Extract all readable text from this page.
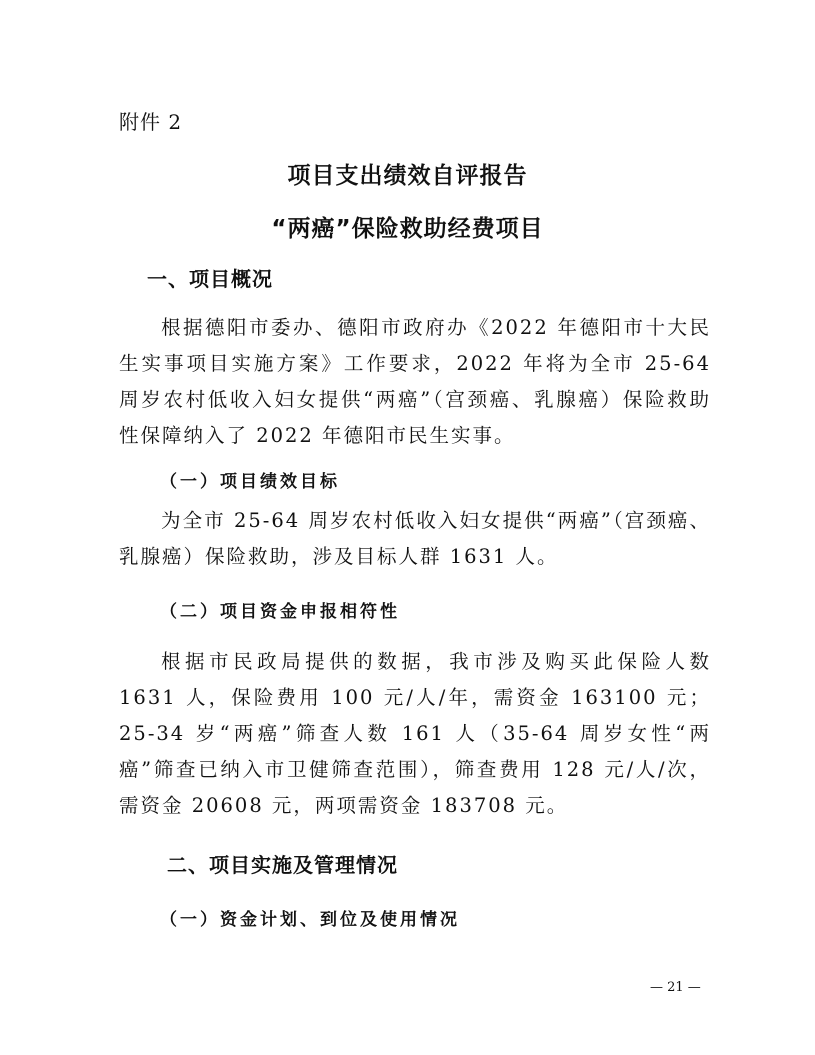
附件 2
项目支出绩效自评报告
“两癌”保险救助经费项目
一、项目概况
根据德阳市委办、德阳市政府办《2022 年德阳市十大民生实事项目实施方案》工作要求，2022 年将为全市 25-64 周岁农村低收入妇女提供“两癌”（宫颈癌、乳腺癌）保险救助性保障纳入了 2022 年德阳市民生实事。
（一）项目绩效目标
为全市 25-64 周岁农村低收入妇女提供“两癌”（宫颈癌、乳腺癌）保险救助，涉及目标人群 1631 人。
（二）项目资金申报相符性
根据市民政局提供的数据，我市涉及购买此保险人数 1631 人，保险费用 100 元/人/年，需资金 163100 元；25-34 岁“两癌”筛查人数 161 人（35-64 周岁女性“两癌”筛查已纳入市卫健筛查范围），筛查费用 128 元/人/次，需资金 20608 元，两项需资金 183708 元。
二、项目实施及管理情况
（一）资金计划、到位及使用情况
— 21 —
